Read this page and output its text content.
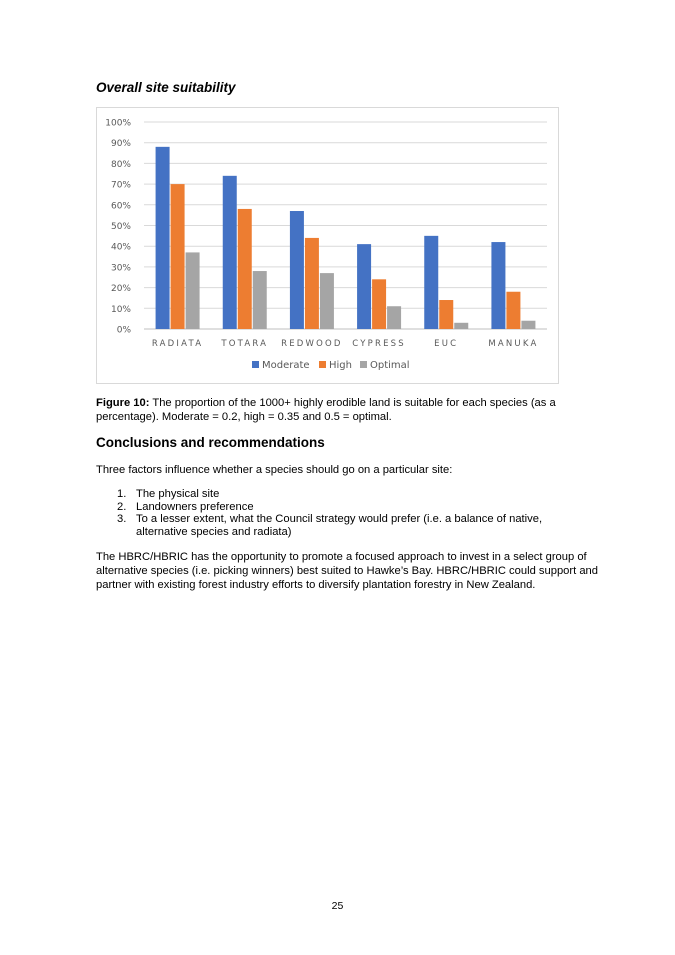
Overall site suitability
0%
10%
20%
30%
40%
50%
60%
70%
80%
90%
100%
RADIATA TOTARA REDWOOD CYPRESS	EUC	MANUKA
Moderate High Optimal

Figure 10: The proportion of the 1000+ highly erodible land is suitable for each species (as a percentage). Moderate = 0.2, high = 0.35 and 0.5 = optimal.

Conclusions and recommendations

Three factors influence whether a species should go on a particular site:

1. The physical site
2. Landowners preference
3. To a lesser extent, what the Council strategy would prefer (i.e. a balance of native, alternative species and radiata)

The HBRC/HBRIC has the opportunity to promote a focused approach to invest in a select group of alternative species (i.e. picking winners) best suited to Hawke’s Bay. HBRC/HBRIC could support and partner with existing forest industry efforts to diversify plantation forestry in New Zealand.

25
